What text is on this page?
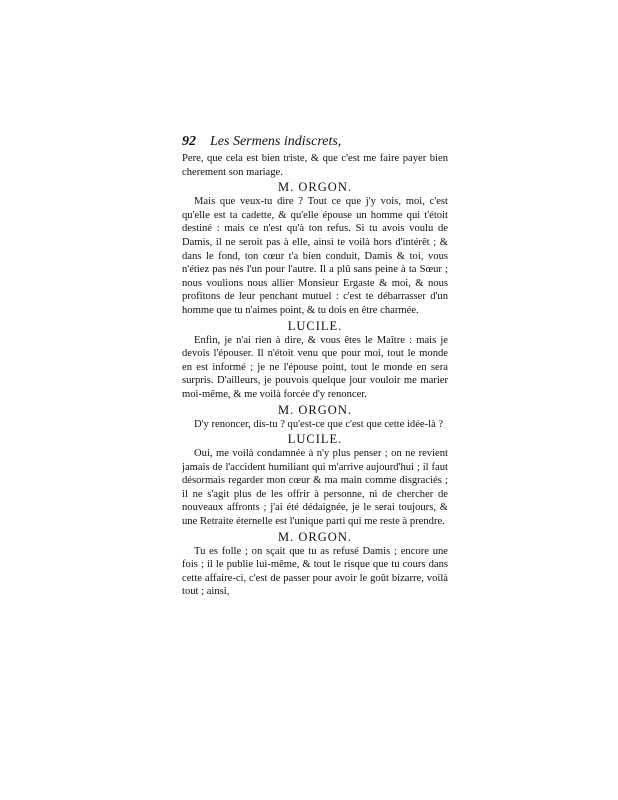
92 Les Sermens indiscrets,

Pere, que cela est bien triste, & que c'est me faire payer bien cherement son mariage.

M. ORGON.

Mais que veux-tu dire ? Tout ce que j'y vois, moi, c'est qu'elle est ta cadette, & qu'elle épouse un homme qui t'étoit destiné : mais ce n'est qu'à ton refus. Si tu avois voulu de Damis, il ne seroit pas à elle, ainsi te voilà hors d'intérêt ; & dans le fond, ton cœur t'a bien conduit, Damis & toi, vous n'étiez pas nés l'un pour l'autre. Il a plû sans peine à ta Sœur ; nous voulions nous allier Monsieur Ergaste & moi, & nous profitons de leur penchant mutuel : c'est te débarrasser d'un homme que tu n'aimes point, & tu dois en être charmée.

LUCILE.

Enfin, je n'ai rien à dire, & vous êtes le Maître : mais je devois l'épouser. Il n'étoit venu que pour moi, tout le monde en est informé ; je ne l'épouse point, tout le monde en sera surpris. D'ailleurs, je pouvois quelque jour vouloir me marier moi-même, & me voilà forcée d'y renoncer.

M. ORGON.

D'y renoncer, dis-tu ? qu'est-ce que c'est que cette idée-là ?

LUCILE.

Oui, me voilà condamnée à n'y plus penser ; on ne revient jamais de l'accident humiliant qui m'arrive aujourd'hui ; il faut désormais regarder mon cœur & ma main comme disgraciés ; il ne s'agit plus de les offrir à personne, ni de chercher de nouveaux affronts ; j'ai été dédaignée, je le serai toujours, & une Retraite éternelle est l'unique parti qui me reste à prendre.

M. ORGON.

Tu es folle ; on sçait que tu as refusé Damis ; encore une fois ; il le publie lui-même, & tout le risque que tu cours dans cette affaire-ci, c'est de passer pour avoir le goût bizarre, voilà tout ; ainsi,
